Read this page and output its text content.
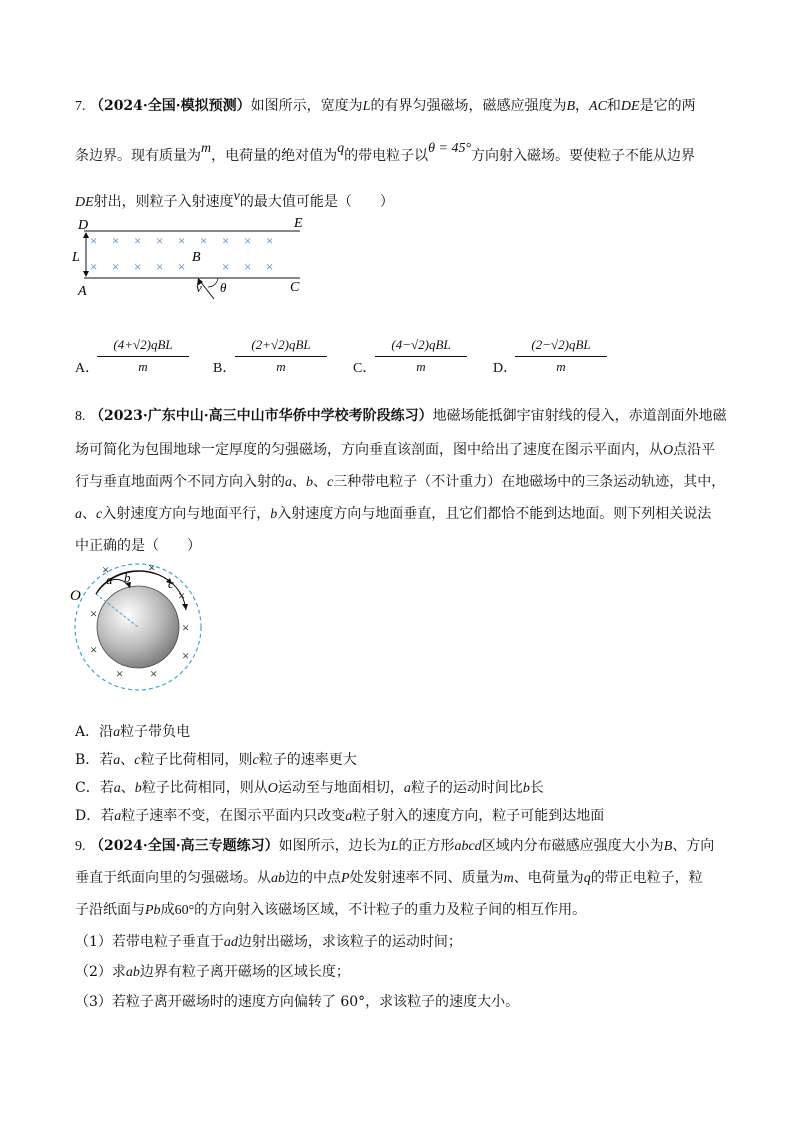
7. （2024·全国·模拟预测）如图所示，宽度为L的有界匀强磁场，磁感应强度为B，AC和DE是它的两
条边界。现有质量为m，电荷量的绝对值为q的带电粒子以θ = 45°方向射入磁场。要使粒子不能从边界
DE射出，则粒子入射速度v的最大值可能是（　　）
D	E
L
A	C
B
× × × × × × × × ×
× × × × ×	× × ×
v θ
A．
(4+√2)qBL
m	B．
(2+√2)qBL
m	C．
(4−√2)qBL
m	D．
(2−√2)qBL
m
8. （2023·广东中山·高三中山市华侨中学校考阶段练习）地磁场能抵御宇宙射线的侵入，赤道剖面外地磁
场可简化为包围地球一定厚度的匀强磁场，方向垂直该剖面，图中给出了速度在图示平面内，从O点沿平
行与垂直地面两个不同方向入射的a、b、c三种带电粒子（不计重力）在地磁场中的三条运动轨迹，其中，
a、c入射速度方向与地面平行，b入射速度方向与地面垂直，且它们都恰不能到达地面。则下列相关说法
中正确的是（　　）
O
a b	c
×	×
×
×
×
×
×
× ×
A．沿a粒子带负电
B．若a、c粒子比荷相同，则c粒子的速率更大
C．若a、b粒子比荷相同，则从O运动至与地面相切，a粒子的运动时间比b长
D．若a粒子速率不变，在图示平面内只改变a粒子射入的速度方向，粒子可能到达地面
9. （2024·全国·高三专题练习）如图所示，边长为L的正方形abcd区域内分布磁感应强度大小为B、方向
垂直于纸面向里的匀强磁场。从ab边的中点P处发射速率不同、质量为m、电荷量为q的带正电粒子，粒
子沿纸面与Pb成60°的方向射入该磁场区域，不计粒子的重力及粒子间的相互作用。
（1）若带电粒子垂直于ad边射出磁场，求该粒子的运动时间；
（2）求ab边界有粒子离开磁场的区域长度；
（3）若粒子离开磁场时的速度方向偏转了 60°，求该粒子的速度大小。
